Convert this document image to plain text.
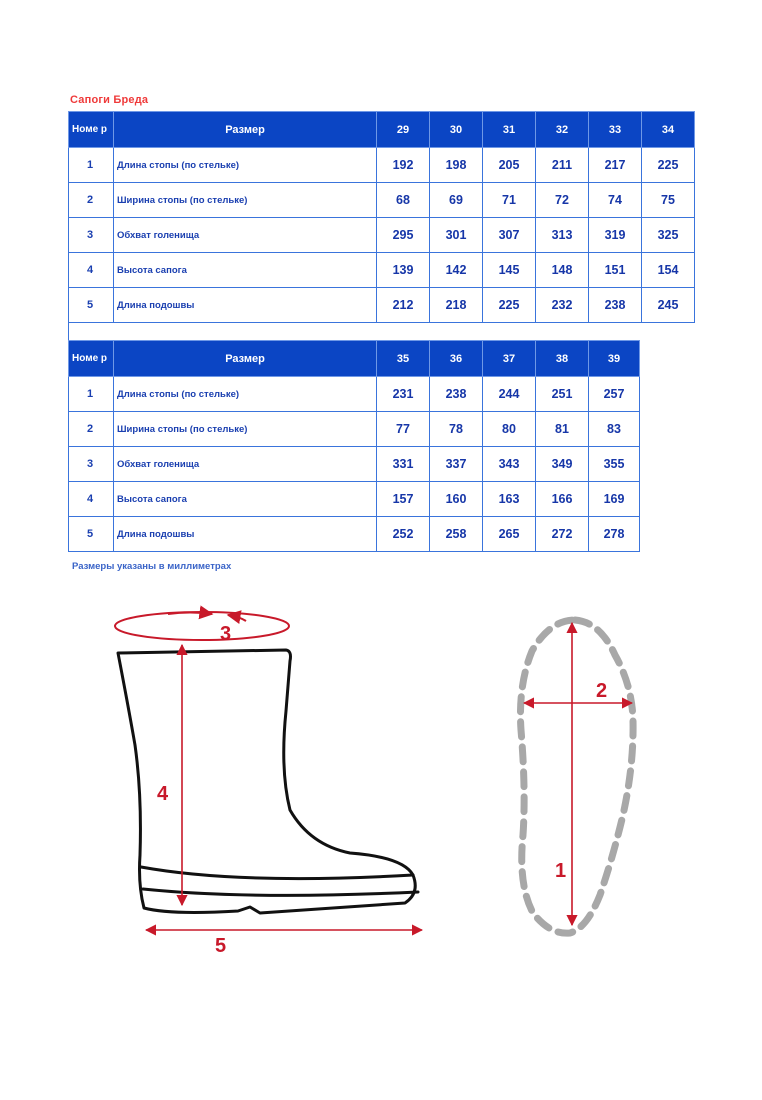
Сапоги Бреда
Номе р	Размер	29	30	31	32	33	34
1	Длина стопы (по стельке)	192	198	205	211	217	225
2	Ширина стопы (по стельке)	68	69	71	72	74	75
3	Обхват голенища	295	301	307	313	319	325
4	Высота сапога	139	142	145	148	151	154
5	Длина подошвы	212	218	225	232	238	245
Номе р	Размер	35	36	37	38	39
1	Длина стопы (по стельке)	231	238	244	251	257
2	Ширина стопы (по стельке)	77	78	80	81	83
3	Обхват голенища	331	337	343	349	355
4	Высота сапога	157	160	163	166	169
5	Длина подошвы	252	258	265	272	278
Размеры указаны в миллиметрах
3
4
5
2
1
